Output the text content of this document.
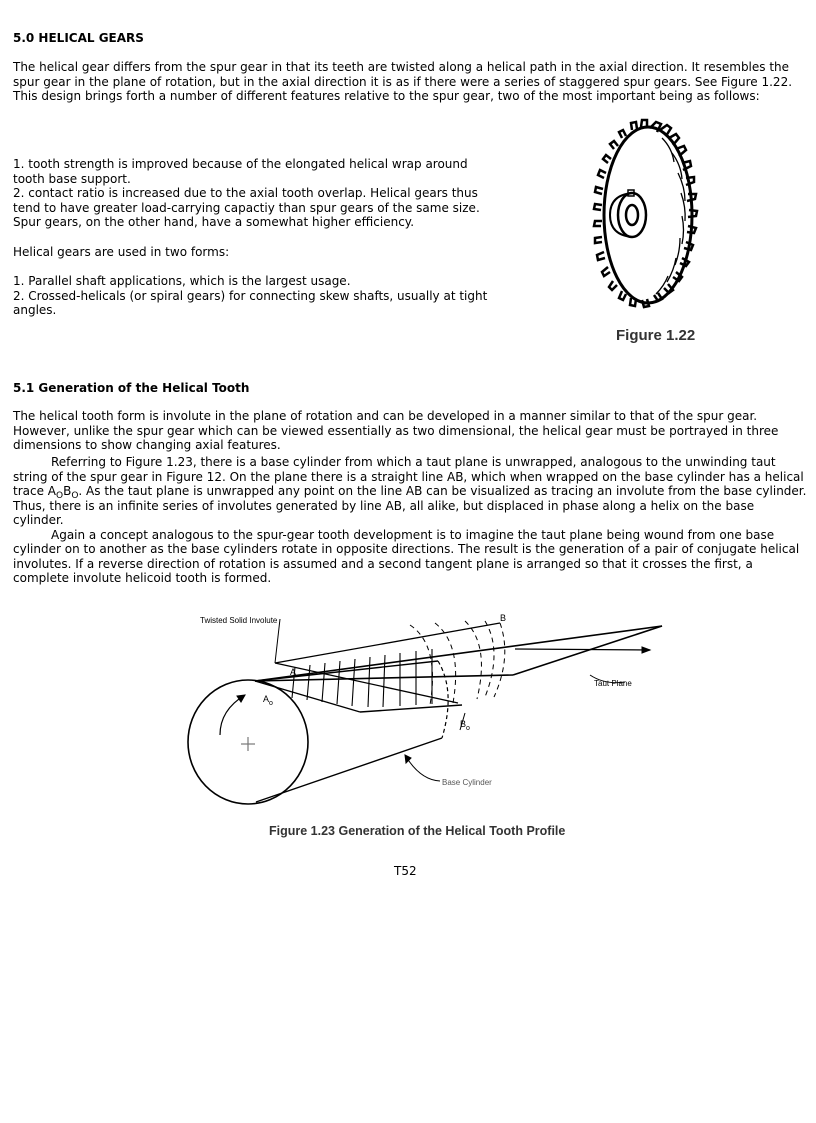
5.0 HELICAL GEARS

The helical gear differs from the spur gear in that its teeth are twisted along a helical path in the axial direction. It resembles the spur gear in the plane of rotation, but in the axial direction it is as if there were a series of staggered spur gears. See Figure 1.22. This design brings forth a number of different features relative to the spur gear, two of the most important being as follows:

1. tooth strength is improved because of the elongated helical wrap around tooth base support.

2. contact ratio is increased due to the axial tooth overlap. Helical gears thus tend to have greater load-carrying capactiy than spur gears of the same size. Spur gears, on the other hand, have a somewhat higher efficiency.

Helical gears are used in two forms:

1. Parallel shaft applications, which is the largest usage.

2. Crossed-helicals (or spiral gears) for connecting skew shafts, usually at tight angles.

Figure 1.22

5.1 Generation of the Helical Tooth

The helical tooth form is involute in the plane of rotation and can be developed in a manner similar to that of the spur gear. However, unlike the spur gear which can be viewed essentially as two dimensional, the helical gear must be portrayed in three dimensions to show changing axial features.

Referring to Figure 1.23, there is a base cylinder from which a taut plane is unwrapped, analogous to the unwinding taut string of the spur gear in Figure 12. On the plane there is a straight line AB, which when wrapped on the base cylinder has a helical trace $A_OB_O$. As the taut plane is unwrapped any point on the line AB can be visualized as tracing an involute from the base cylinder. Thus, there is an infinite series of involutes generated by line AB, all alike, but displaced in phase along a helix on the base cylinder.

Again a concept analogous to the spur-gear tooth development is to imagine the taut plane being wound from one base cylinder on to another as the base cylinders rotate in opposite directions. The result is the generation of a pair of conjugate helical involutes. If a reverse direction of rotation is assumed and a second tangent plane is arranged so that it crosses the first, a complete involute helicoid tooth is formed.

Twisted Solid Involute	B
A
$A_o$
$B_o$
Taut Plane
Base Cylinder

Figure 1.23 Generation of the Helical Tooth Profile

T52
